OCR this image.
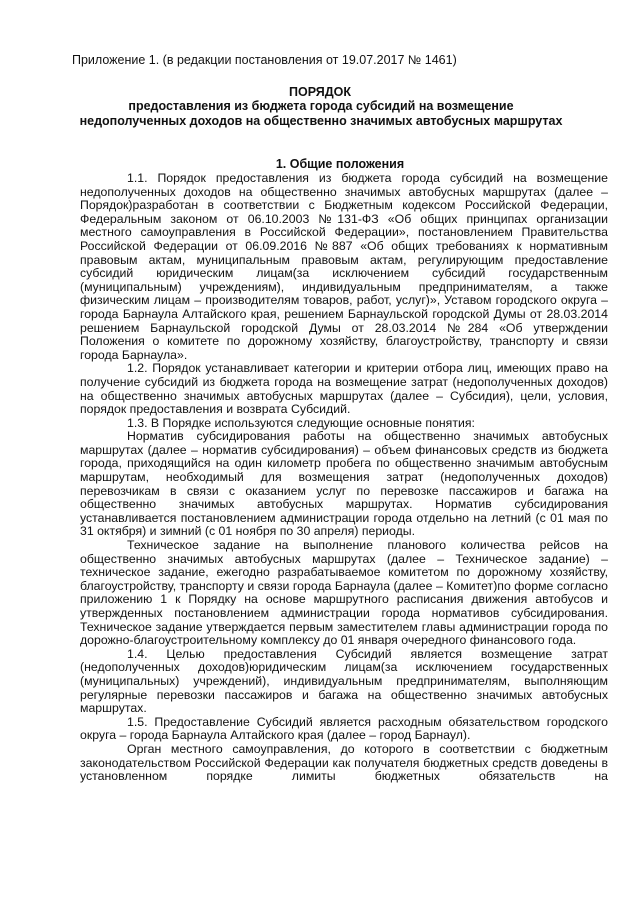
Приложение 1. (в редакции постановления от 19.07.2017 № 1461)
ПОРЯДОК
предоставления из бюджета города субсидий на возмещение недополученных доходов на общественно значимых автобусных маршрутах
1. Общие положения

1.1. Порядок предоставления из бюджета города субсидий на возмещение недополученных доходов на общественно значимых автобусных маршрутах (далее – Порядок)разработан в соответствии с Бюджетным кодексом Российской Федерации, Федеральным законом от 06.10.2003 №131-ФЗ «Об общих принципах организации местного самоуправления в Российской Федерации», постановлением Правительства Российской Федерации от 06.09.2016 №887 «Об общих требованиях к нормативным правовым актам, муниципальным правовым актам, регулирующим предоставление субсидий юридическим лицам(за исключением субсидий государственным (муниципальным) учреждениям), индивидуальным предпринимателям, а также физическим лицам – производителям товаров, работ, услуг)», Уставом городского округа – города Барнаула Алтайского края, решением Барнаульской городской Думы от 28.03.2014 решением Барнаульской городской Думы от 28.03.2014 №284 «Об утверждении Положения о комитете по дорожному хозяйству, благоустройству, транспорту и связи города Барнаула».

1.2. Порядок устанавливает категории и критерии отбора лиц, имеющих право на получение субсидий из бюджета города на возмещение затрат (недополученных доходов) на общественно значимых автобусных маршрутах (далее – Субсидия), цели, условия, порядок предоставления и возврата Субсидий.

1.3. В Порядке используются следующие основные понятия:

Норматив субсидирования работы на общественно значимых автобусных маршрутах (далее – норматив субсидирования) – объем финансовых средств из бюджета города, приходящийся на один километр пробега по общественно значимым автобусным маршрутам, необходимый для возмещения затрат (недополученных доходов) перевозчикам в связи с оказанием услуг по перевозке пассажиров и багажа на общественно значимых автобусных маршрутах. Норматив субсидирования устанавливается постановлением администрации города отдельно на летний (с 01 мая по 31 октября) и зимний (с 01 ноября по 30 апреля) периоды.

Техническое задание на выполнение планового количества рейсов на общественно значимых автобусных маршрутах (далее – Техническое задание) – техническое задание, ежегодно разрабатываемое комитетом по дорожному хозяйству, благоустройству, транспорту и связи города Барнаула (далее – Комитет)по форме согласно приложению 1 к Порядку на основе маршрутного расписания движения автобусов и утвержденных постановлением администрации города нормативов субсидирования. Техническое задание утверждается первым заместителем главы администрации города по дорожно-благоустроительному комплексу до 01 января очередного финансового года.

1.4. Целью предоставления Субсидий является возмещение затрат (недополученных доходов)юридическим лицам(за исключением государственных (муниципальных) учреждений), индивидуальным предпринимателям, выполняющим регулярные перевозки пассажиров и багажа на общественно значимых автобусных маршрутах.

1.5. Предоставление Субсидий является расходным обязательством городского округа – города Барнаула Алтайского края (далее – город Барнаул).

Орган местного самоуправления, до которого в соответствии с бюджетным законодательством Российской Федерации как получателя бюджетных средств доведены в установленном порядке лимиты бюджетных обязательств на
